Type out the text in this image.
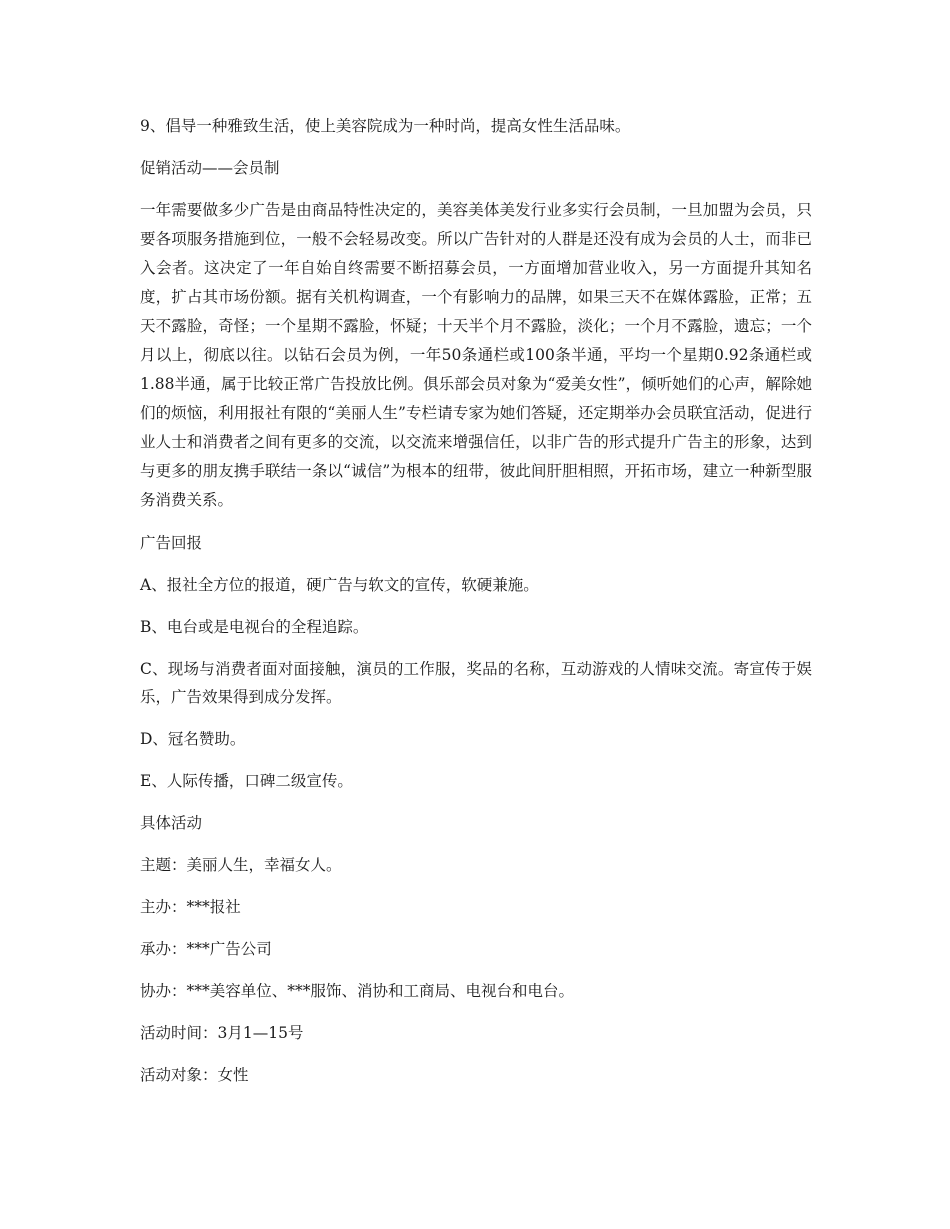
9、倡导一种雅致生活，使上美容院成为一种时尚，提高女性生活品味。

促销活动——会员制

一年需要做多少广告是由商品特性决定的，美容美体美发行业多实行会员制，一旦加盟为会员，只要各项服务措施到位，一般不会轻易改变。所以广告针对的人群是还没有成为会员的人士，而非已入会者。这决定了一年自始自终需要不断招募会员，一方面增加营业收入，另一方面提升其知名度，扩占其市场份额。据有关机构调查，一个有影响力的品牌，如果三天不在媒体露脸，正常；五天不露脸，奇怪；一个星期不露脸，怀疑；十天半个月不露脸，淡化；一个月不露脸，遗忘；一个月以上，彻底以往。以钻石会员为例，一年50条通栏或100条半通，平均一个星期0.92条通栏或1.88半通，属于比较正常广告投放比例。俱乐部会员对象为“爱美女性”，倾听她们的心声，解除她们的烦恼，利用报社有限的“美丽人生”专栏请专家为她们答疑，还定期举办会员联宜活动，促进行业人士和消费者之间有更多的交流，以交流来增强信任，以非广告的形式提升广告主的形象，达到与更多的朋友携手联结一条以“诚信”为根本的纽带，彼此间肝胆相照，开拓市场，建立一种新型服务消费关系。

广告回报

A、报社全方位的报道，硬广告与软文的宣传，软硬兼施。

B、电台或是电视台的全程追踪。

C、现场与消费者面对面接触，演员的工作服，奖品的名称，互动游戏的人情味交流。寄宣传于娱乐，广告效果得到成分发挥。

D、冠名赞助。

E、人际传播，口碑二级宣传。

具体活动

主题：美丽人生，幸福女人。

主办：***报社

承办：***广告公司

协办：***美容单位、***服饰、消协和工商局、电视台和电台。

活动时间：3月1—15号

活动对象：女性
